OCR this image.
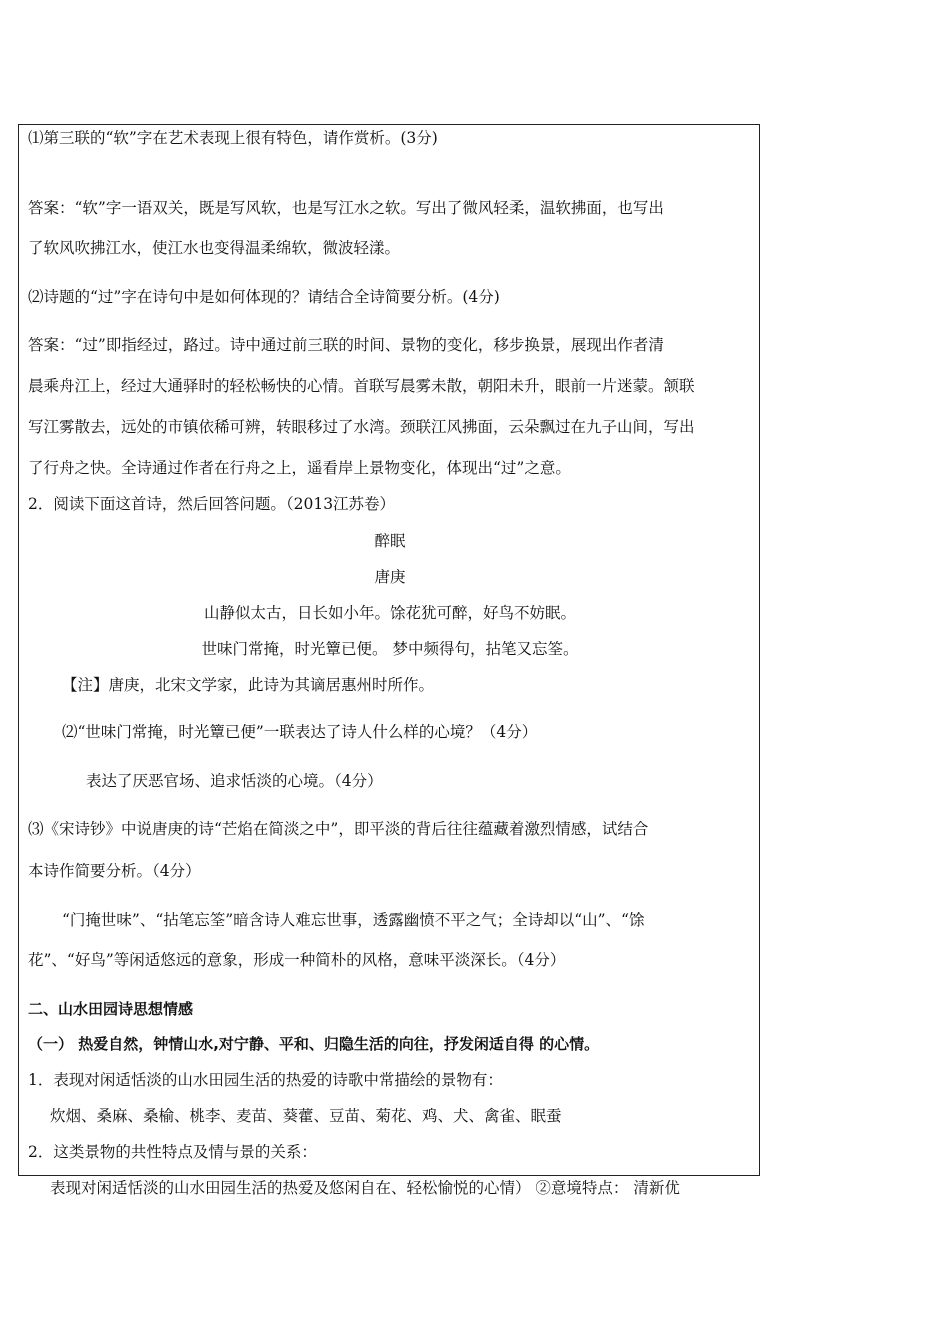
⑴第三联的“软”字在艺术表现上很有特色，请作赏析。(3分)
答案：“软”字一语双关，既是写风软，也是写江水之软。写出了微风轻柔，温软拂面，也写出
了软风吹拂江水，使江水也变得温柔绵软，微波轻漾。
⑵诗题的“过”字在诗句中是如何体现的？请结合全诗简要分析。(4分)
答案：“过”即指经过，路过。诗中通过前三联的时间、景物的变化，移步换景，展现出作者清
晨乘舟江上，经过大通驿时的轻松畅快的心情。首联写晨雾未散，朝阳未升，眼前一片迷蒙。颔联
写江雾散去，远处的市镇依稀可辨，转眼移过了水湾。颈联江风拂面，云朵飘过在九子山间，写出
了行舟之快。全诗通过作者在行舟之上，遥看岸上景物变化，体现出“过”之意。
2．阅读下面这首诗，然后回答问题。（2013江苏卷）
醉眠
唐庚
山静似太古，日长如小年。馀花犹可醉，好鸟不妨眠。
世味门常掩，时光簟已便。 梦中频得句，拈笔又忘筌。
【注】唐庚，北宋文学家，此诗为其谪居惠州时所作。
⑵“世味门常掩，时光簟已便”一联表达了诗人什么样的心境？（4分）
表达了厌恶官场、追求恬淡的心境。（4分）
⑶《宋诗钞》中说唐庚的诗“芒焰在简淡之中”，即平淡的背后往往蕴藏着激烈情感，试结合
本诗作简要分析。（4分）
“门掩世味”、“拈笔忘筌”暗含诗人难忘世事，透露幽愤不平之气；全诗却以“山”、“馀
花”、“好鸟”等闲适悠远的意象，形成一种简朴的风格，意味平淡深长。（4分）
二、山水田园诗思想情感
（一） 热爱自然，钟情山水,对宁静、平和、归隐生活的向往，抒发闲适自得 的心情。
1．表现对闲适恬淡的山水田园生活的热爱的诗歌中常描绘的景物有：
炊烟、桑麻、桑榆、桃李、麦苗、葵藿、豆苗、菊花、鸡、犬、禽雀、眠蚕
2．这类景物的共性特点及情与景的关系：
表现对闲适恬淡的山水田园生活的热爱及悠闲自在、轻松愉悦的心情） ②意境特点： 清新优
